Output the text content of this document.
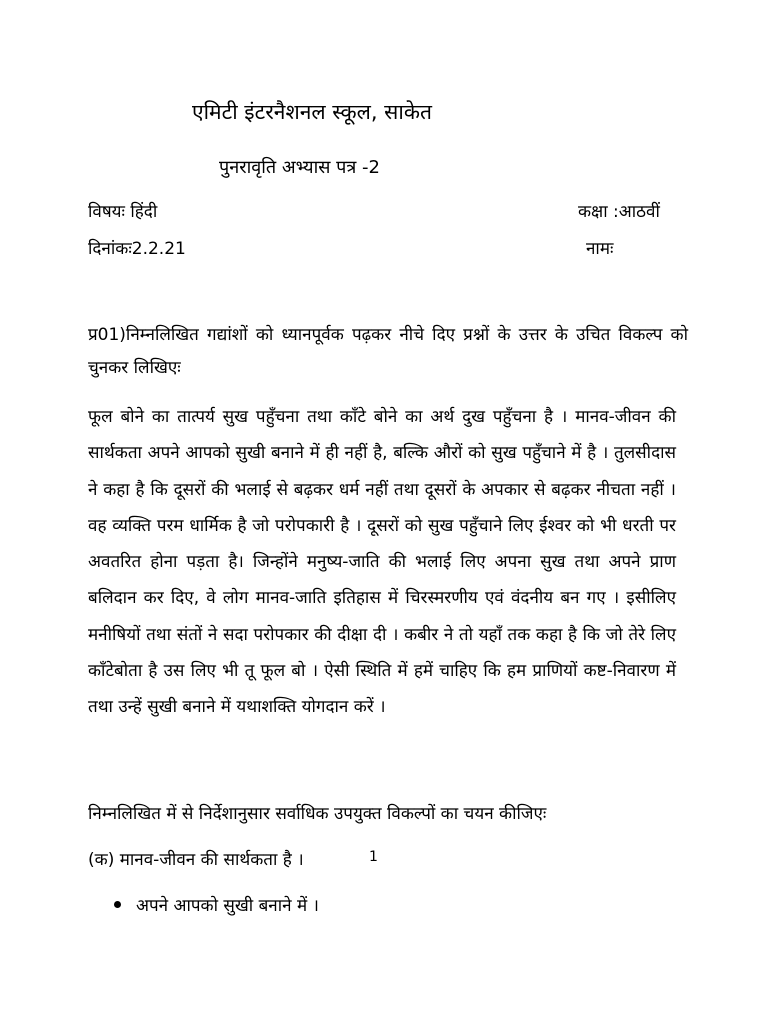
एमिटी इंटरनैशनल स्कूल, साकेत
पुनरावृति अभ्यास पत्र -2
विषयः हिंदी	कक्षा :आठवीं
दिनांकः2.2.21	नामः
प्र01)निम्नलिखित गद्यांशों को ध्यानपूर्वक पढ़कर नीचे दिए प्रश्नों के उत्तर के उचित विकल्प को चुनकर लिखिएः
फूल बोने का तात्पर्य सुख पहुँचना तथा काँटे बोने का अर्थ दुख पहुँचना है । मानव-जीवन की सार्थकता अपने आपको सुखी बनाने में ही नहीं है, बल्कि औरों को सुख पहुँचाने में है । तुलसीदास ने कहा है कि दूसरों की भलाई से बढ़कर धर्म नहीं तथा दूसरों के अपकार से बढ़कर नीचता नहीं । वह व्यक्ति परम धार्मिक है जो परोपकारी है । दूसरों को सुख पहुँचाने लिए ईश्वर को भी धरती पर अवतरित होना पड़ता है। जिन्होंने मनुष्य-जाति की भलाई लिए अपना सुख तथा अपने प्राण बलिदान कर दिए, वे लोग मानव-जाति इतिहास में चिरस्मरणीय एवं वंदनीय बन गए । इसीलिए मनीषियों तथा संतों ने सदा परोपकार की दीक्षा दी । कबीर ने तो यहाँ तक कहा है कि जो तेरे लिए काँटेबोता है उस लिए भी तू फूल बो । ऐसी स्थिति में हमें चाहिए कि हम प्राणियों कष्ट-निवारण में तथा उन्हें सुखी बनाने में यथाशक्ति योगदान करें ।
निम्नलिखित में से निर्देशानुसार सर्वाधिक उपयुक्त विकल्पों का चयन कीजिएः
(क) मानव-जीवन की सार्थकता है ।	1
अपने आपको सुखी बनाने में ।
